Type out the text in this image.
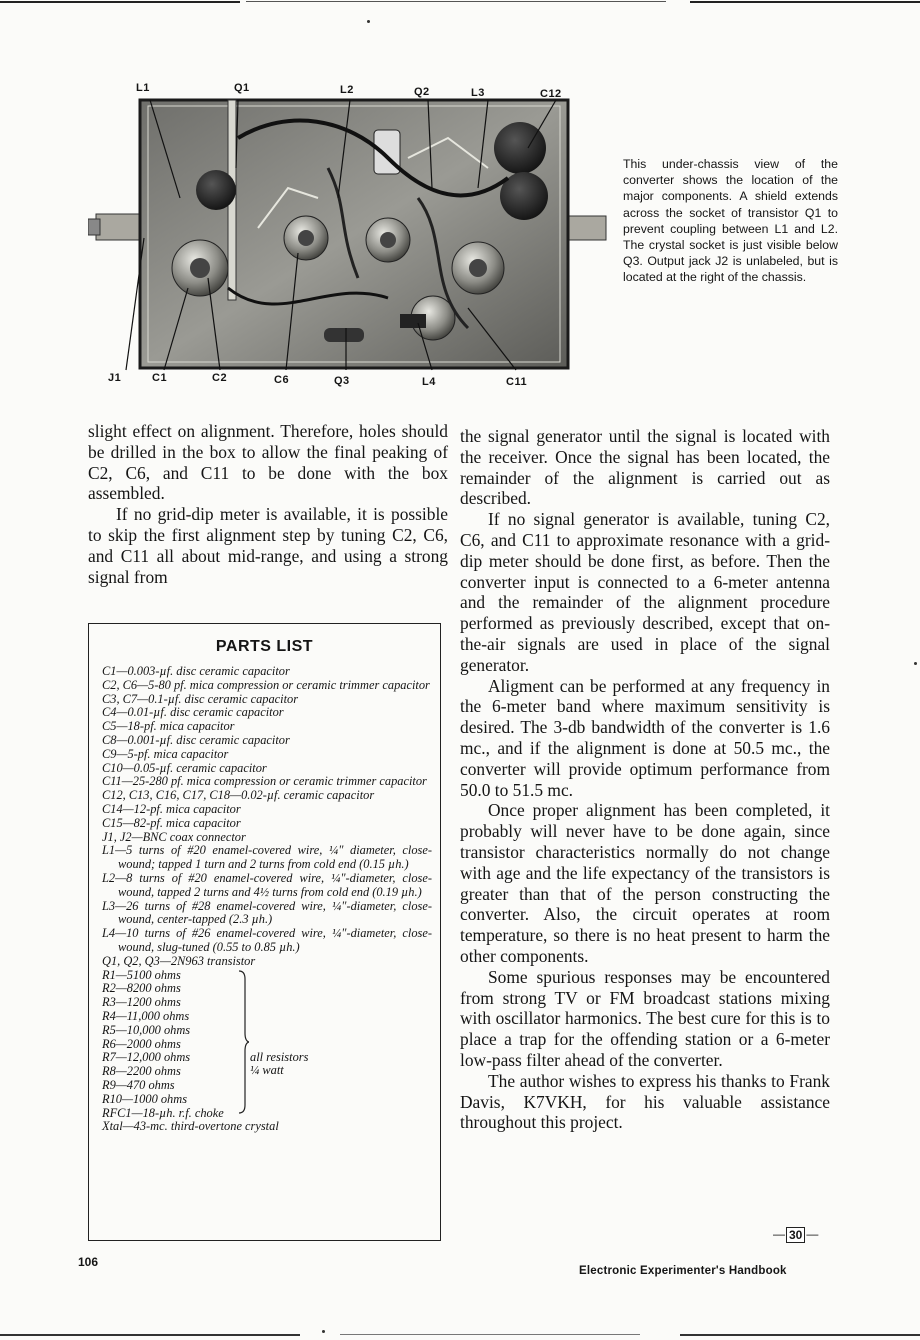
L1	Q1	L2	Q2	L3	C12
J1	C1	C2	C6	Q3	L4	C11
This under-chassis view of the converter shows the location of the major components. A shield extends across the socket of transistor Q1 to prevent coupling between L1 and L2. The crystal socket is just visible below Q3. Output jack J2 is unlabeled, but is located at the right of the chassis.

slight effect on alignment. Therefore, holes should be drilled in the box to allow the final peaking of C2, C6, and C11 to be done with the box assembled.

If no grid-dip meter is available, it is possible to skip the first alignment step by tuning C2, C6, and C11 all about mid-range, and using a strong signal from

PARTS LIST
C1—0.003-µf. disc ceramic capacitor
C2, C6—5-80 pf. mica compression or ceramic trimmer capacitor
C3, C7—0.1-µf. disc ceramic capacitor
C4—0.01-µf. disc ceramic capacitor
C5—18-pf. mica capacitor
C8—0.001-µf. disc ceramic capacitor
C9—5-pf. mica capacitor
C10—0.05-µf. ceramic capacitor
C11—25-280 pf. mica compression or ceramic trimmer capacitor
C12, C13, C16, C17, C18—0.02-µf. ceramic capacitor
C14—12-pf. mica capacitor
C15—82-pf. mica capacitor
J1, J2—BNC coax connector
L1—5 turns of #20 enamel-covered wire, ¼" diameter, close-wound; tapped 1 turn and 2 turns from cold end (0.15 µh.)
L2—8 turns of #20 enamel-covered wire, ¼"-diameter, close-wound, tapped 2 turns and 4½ turns from cold end (0.19 µh.)
L3—26 turns of #28 enamel-covered wire, ¼"-diameter, close-wound, center-tapped (2.3 µh.)
L4—10 turns of #26 enamel-covered wire, ¼"-diameter, close-wound, slug-tuned (0.55 to 0.85 µh.)
Q1, Q2, Q3—2N963 transistor
R1—5100 ohms
R2—8200 ohms
R3—1200 ohms
R4—11,000 ohms
R5—10,000 ohms
R6—2000 ohms
R7—12,000 ohms
R8—2200 ohms
R9—470 ohms
R10—1000 ohms
all resistors
¼ watt
RFC1—18-µh. r.f. choke
Xtal—43-mc. third-overtone crystal

the signal generator until the signal is located with the receiver. Once the signal has been located, the remainder of the alignment is carried out as described.

If no signal generator is available, tuning C2, C6, and C11 to approximate resonance with a grid-dip meter should be done first, as before. Then the converter input is connected to a 6-meter antenna and the remainder of the alignment procedure performed as previously described, except that on-the-air signals are used in place of the signal generator.

Aligment can be performed at any frequency in the 6-meter band where maximum sensitivity is desired. The 3-db bandwidth of the converter is 1.6 mc., and if the alignment is done at 50.5 mc., the converter will provide optimum performance from 50.0 to 51.5 mc.

Once proper alignment has been completed, it probably will never have to be done again, since transistor characteristics normally do not change with age and the life expectancy of the transistors is greater than that of the person constructing the converter. Also, the circuit operates at room temperature, so there is no heat present to harm the other components.

Some spurious responses may be encountered from strong TV or FM broadcast stations mixing with oscillator harmonics. The best cure for this is to place a trap for the offending station or a 6-meter low-pass filter ahead of the converter.

The author wishes to express his thanks to Frank Davis, K7VKH, for his valuable assistance throughout this project.

— 30 —
106
Electronic Experimenter's Handbook
